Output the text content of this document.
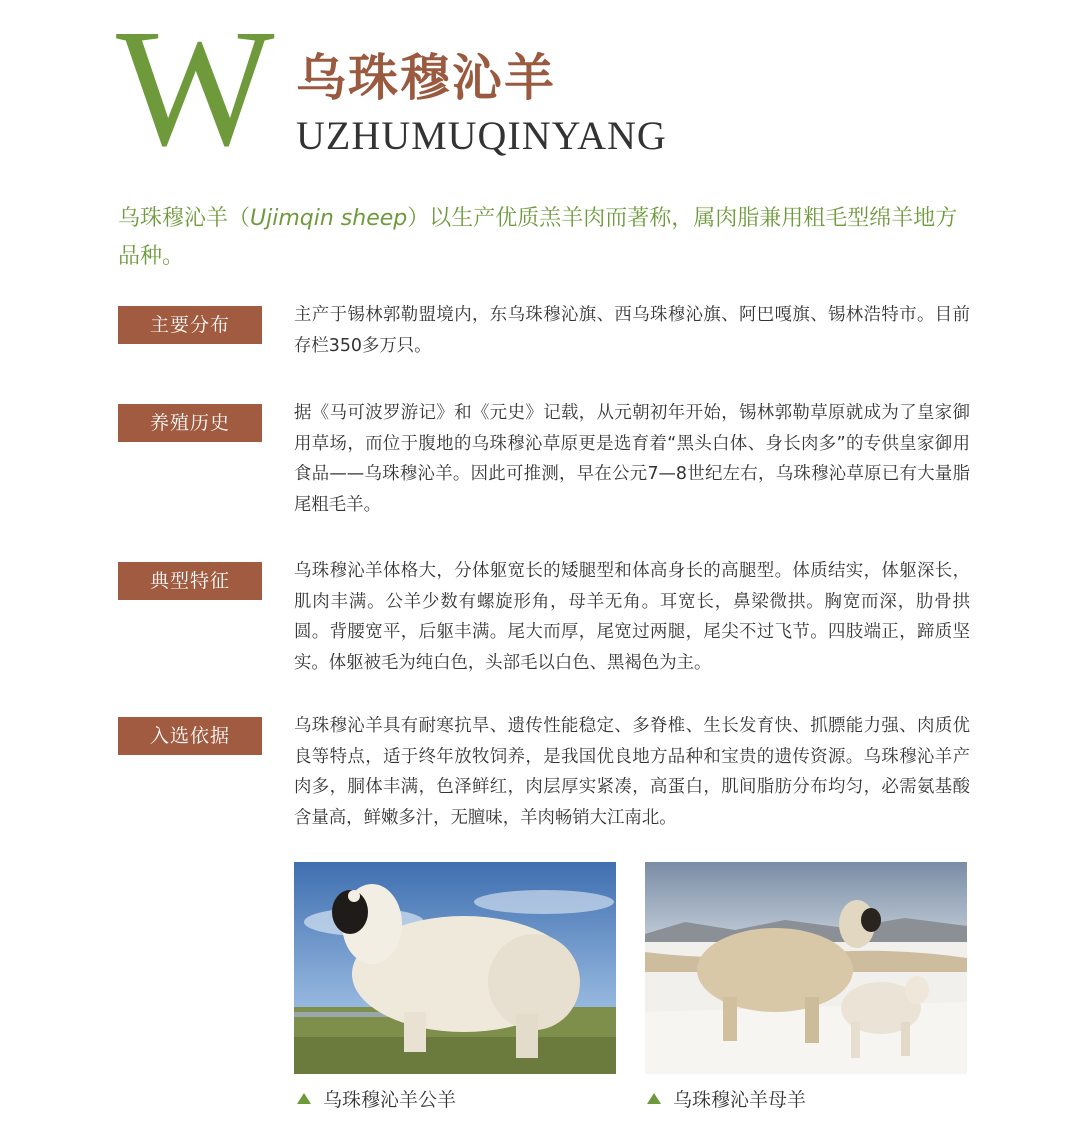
W 乌珠穆沁羊
UZHUMUQINYANG

乌珠穆沁羊（Ujimqin sheep）以生产优质羔羊肉而著称，属肉脂兼用粗毛型绵羊地方品种。

主要分布	主产于锡林郭勒盟境内，东乌珠穆沁旗、西乌珠穆沁旗、阿巴嘎旗、锡林浩特市。目前存栏350多万只。

养殖历史	据《马可波罗游记》和《元史》记载，从元朝初年开始，锡林郭勒草原就成为了皇家御用草场，而位于腹地的乌珠穆沁草原更是选育着“黑头白体、身长肉多”的专供皇家御用食品——乌珠穆沁羊。因此可推测，早在公元7—8世纪左右，乌珠穆沁草原已有大量脂尾粗毛羊。

典型特征	乌珠穆沁羊体格大，分体躯宽长的矮腿型和体高身长的高腿型。体质结实，体躯深长，肌肉丰满。公羊少数有螺旋形角，母羊无角。耳宽长，鼻梁微拱。胸宽而深，肋骨拱圆。背腰宽平，后躯丰满。尾大而厚，尾宽过两腿，尾尖不过飞节。四肢端正，蹄质坚实。体躯被毛为纯白色，头部毛以白色、黑褐色为主。

入选依据	乌珠穆沁羊具有耐寒抗旱、遗传性能稳定、多脊椎、生长发育快、抓膘能力强、肉质优良等特点，适于终年放牧饲养，是我国优良地方品种和宝贵的遗传资源。乌珠穆沁羊产肉多，胴体丰满，色泽鲜红，肉层厚实紧凑，高蛋白，肌间脂肪分布均匀，必需氨基酸含量高，鲜嫩多汁，无膻味，羊肉畅销大江南北。

乌珠穆沁羊公羊	乌珠穆沁羊母羊
